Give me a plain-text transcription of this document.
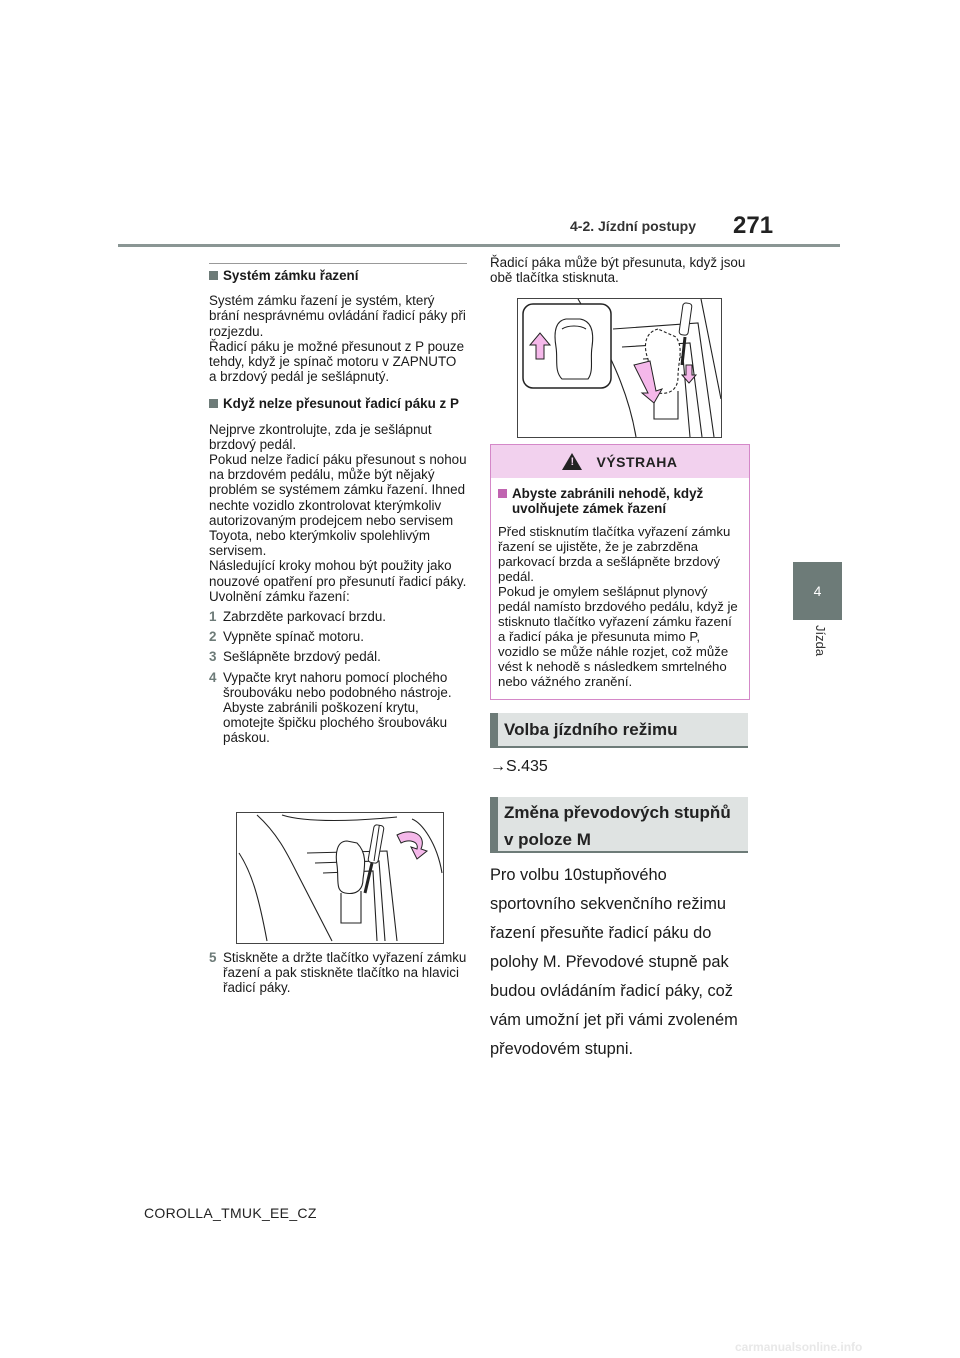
4-2. Jízdní postupy 271
4
Jízda
Systém zámku řazení

Systém zámku řazení je systém, který brání nesprávnému ovládání řadicí páky při rozjezdu.

Řadicí páku je možné přesunout z P pouze tehdy, když je spínač motoru v ZAPNUTO a brzdový pedál je sešlápnutý.

Když nelze přesunout řadicí páku z P

Nejprve zkontrolujte, zda je sešlápnut brzdový pedál.

Pokud nelze řadicí páku přesunout s nohou na brzdovém pedálu, může být nějaký problém se systémem zámku řazení. Ihned nechte vozidlo zkontrolovat kterýmkoliv autorizovaným prodejcem nebo servisem Toyota, nebo kterýmkoliv spolehlivým servisem.

Následující kroky mohou být použity jako nouzové opatření pro přesunutí řadicí páky.

Uvolnění zámku řazení:

1 Zabrzděte parkovací brzdu.
2 Vypněte spínač motoru.
3 Sešlápněte brzdový pedál.
4 Vypačte kryt nahoru pomocí plochého šroubováku nebo podobného nástroje.
Abyste zabránili poškození krytu, omotejte špičku plochého šroubováku páskou.
5 Stiskněte a držte tlačítko vyřazení zámku řazení a pak stiskněte tlačítko na hlavici řadicí páky.
Řadicí páka může být přesunuta, když jsou obě tlačítka stisknuta.
! VÝSTRAHA
Abyste zabránili nehodě, když uvolňujete zámek řazení

Před stisknutím tlačítka vyřazení zámku řazení se ujistěte, že je zabrzděna parkovací brzda a sešlápněte brzdový pedál.

Pokud je omylem sešlápnut plynový pedál namísto brzdového pedálu, když je stisknuto tlačítko vyřazení zámku řazení a řadicí páka je přesunuta mimo P, vozidlo se může náhle rozjet, což může vést k nehodě s následkem smrtelného nebo vážného zranění.

Volba jízdního režimu
→S.435
Změna převodových stupňů
v poloze M
Pro volbu 10stupňového sportovního sekvenčního režimu řazení přesuňte řadicí páku do polohy M. Převodové stupně pak budou ovládáním řadicí páky, což vám umožní jet při vámi zvoleném převodovém stupni.
COROLLA_TMUK_EE_CZ
carmanualsonline.info
